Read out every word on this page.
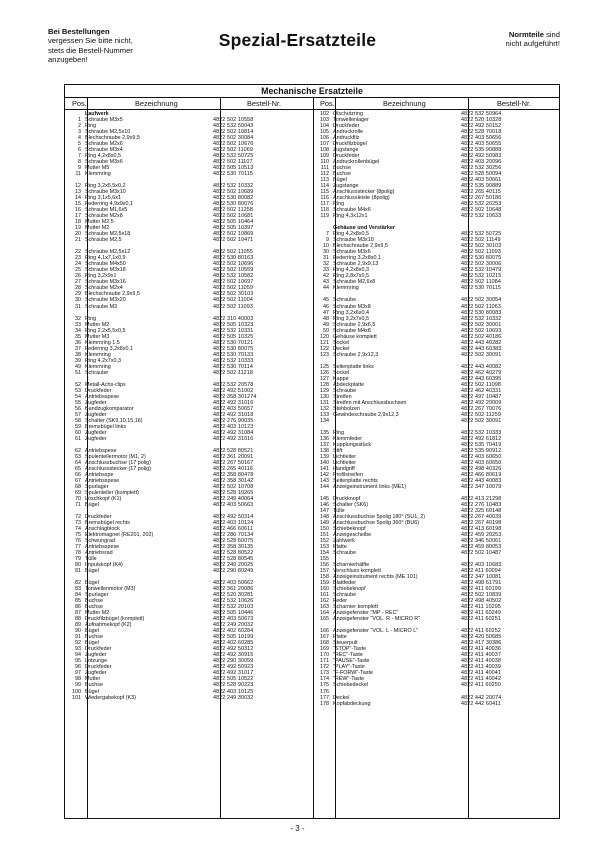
Bei Bestellungen
vergessen Sie bitte nicht,
stets die Bestell-Nummer
anzugeben!
Spezial-Ersatzteile	Normteile sind
nicht aufgeführt!
Mechanische Ersatzteile
Pos.	Bezeichnung	Bestell-Nr.	Pos.	Bezeichnung	Bestell-Nr.
Laufwerk
1 Schraube M3x5	4822 502 10558
2 Ring	4822 532 50043
3 Schraube M2,5x10	4822 502 10814
4 Blechschraube 2,9x9,5	4822 502 30084
5 Schraube M2x6	4822 502 10676
6 Schraube M3x4	4822 502 11069
7 Ring 4,2x8x0,5	4822 532 50725
8 Schraube M3x6	4822 502 11107
9 Mutter M5	4822 505 10513
11 Klemmring	4822 530 70115
12 Ring 3,2x5,5x0,2	4822 532 10332
13 Schraube M3x10	4822 502 10689
14 Ring 3,1x5,6x1	4822 530 80082
15 Federring 4,9x9x0,1	4822 530 80076
16 Schraube M1,6x5	4822 502 11258
17 Schraube M2x8	4822 502 10681
18 Mutter M2,5	4822 505 10464
19 Mutter M2	4822 505 10397
20 Schraube M2,5x18	4822 502 10869
21 Schraube M2,5	4822 502 10471
22 Schraube M2,5x12	4822 502 11055
23 Ring 4,1x7,1x0,9	4822 530 80163
24 Schraube M4x50	4822 502 10696
25 Schraube M3x18	4822 502 10559
26 Ring 3,2x9x1	4822 532 10582
27 Schraube M3x16	4822 502 10697
28 Schraube M2x4	4822 502 11059
29 Blechschraube 2,9x9,5	4822 502 30103
30 Schraube M3x20	4822 502 11004
31 Schraube M3	4822 502 11093
32 Ring	4822 310 40003
33 Mutter M2	4822 505 10323
34 Ring 2,2x5,5x0,5	4822 532 10331
35 Mutter M3	4822 505 10325
36 Klemmring 1,5	4822 530 70121
37 Federring 3,2x8x0,1	4822 530 80075
38 Klemmring	4822 530 70133
39 Ring 4,2x7x0,3	4822 532 10333
49 Klemmring	4822 530 70114
51 Schraube	4822 502 11218
52 Metall-Achs-clips	4822 532 20578
53 Druckfeder	4822 492 51002
54 Antriebsspese	4822 358 301274
55 Zugfeder	4822 492 31016
56 Bandzugkomparator	4822 403 50657
57 Zugfeder	4822 492 31018
58 Schalter (SK9,10,15,16)	4822 276 90035
59 Bremsbügel links	4822 403 10123
60 Zugfeder	4822 492 31084
61 Zugfeder	4822 492 31016
62 Antriebspese	4822 528 80521
63 Spulentellermotor (M1, 2)	4822 361 20091
64 Anschlussbuchse (17 polig)	4822 267 50167
65 Anschlussstecker (17 polig)	4822 265 40116
66 Antriebsspe	4822 358 80478
67 Antriebsspese	4822 358 30142
68 Spurlager	4822 502 10708
69 Spulenteller (komplett)	4822 528 10265
70 Löschkopf (K1)	4822 249 40064
71 Bügel	4822 403 50663
72 Druckfeder	4822 492 50314
73 Bremsbügel rechts	4822 403 10124
74 Anschlagblock	4822 466 60611
75 Elektromagnet (RE201, 202)	4822 280 70134
76 Schwungrad	4822 528 60075
77 Antriebsspese	4822 358 30135
78 Antriebsrad	4822 528 80522
79 Tülle	4822 528 80545
80 Impulskopf (K4)	4822 249 20025
81 Bügel	4822 290 80249
82 Bügel	4822 403 50662
83 Tonwellenmotor (M3)	4822 361 20086
84 Spurlager	4822 520 30281
85 Buchse	4822 532 10626
86 Buchse	4822 532 20103
87 Mutter M2	4822 505 10446
88 Druckfilzbügel (komplett)	4822 403 50673
89 Aufnahmekopf (K2)	4822 249 20032
90 Bügel	4822 402 60284
91 Buchse	4822 505 10199
92 Bügel	4822 402 60285
93 Druckfeder	4822 492 50312
94 Zugfeder	4822 492 30915
95 Lötzunge	4822 290 30059
96 Druckfeder	4822 492 50923
97 Zugfeder	4822 492 31017
98 Mutter	4822 505 10522
99 Buchse	4822 528 90223
100 Bügel	4822 403 10125
101 Wiedergabekopf (K3)	4822 249 30032
102 Ölschutzring	4822 532 50964
103 Tonwellenlager	4822 520 10328
104 Druckfeder	4822 492 50152
105 Andruckrolle	4822 528 70018
106 Andruckfilz	4822 403 50656
107 Druckfilzbügel	4822 403 50655
108 Zugstange	4822 535 90888
109 Druckfeder	4822 492 50983
110 Andruckrollenbügel	4822 403 20096
111 Buchse	4822 532 30256
112 Buchse	4822 528 50094
113 Bügel	4822 403 50661
114 Zugstange	4822 535 90889
115 Anschlussstecker (8polig)	4822 265 40115
116 Anschlussleiste (8polig)	4822 267 50186
117 Ring	4822 532 20253
118 Schraube M4x6	4822 502 10648
119 Ring 4,3x12x1	4822 532 10633
Gehäuse und Verstärker
7 Ring 4,2x8x0,5	4822 532 50725
9 Schraube M3x10	4822 502 11149
10 Blechschraube 2,9x9,5	4822 502 30103
30 Schraube M3x6	4822 502 11093
31 Federring 3,2x8x0,1	4822 530 80075
32 Schraube 2,9x9,13	4822 502 30006
33 Ring 4,2x8x0,3	4822 532 10479
42 Ring 2,8x7x0,5	4822 532 10215
43 Schraube M2,6x8	4822 502 11084
44 Klemmring	4822 530 70115
45 Schraube	4822 502 30054
46 Schraube M3x8	4822 502 11063
47 Ring 3,2x6x0,4	4822 530 80083
48 Ring 3,2x7x0,5	4822 532 10332
49 Schraube 2,9x6,5	4822 502 30001
50 Schraube M4x8	4822 502 10693
120 Gehäuse komplett	4822 502 40186
121 Sockel	4822 443 40282
122 Deckel	4822 443 60383
123 Schraube 2,9x12,3	4822 502 30091
125 Seitenplatte links	4822 443 40082
126 Sockel	4822 462 40279
127 Kappe	4822 443 60395
128 Abdeckplatte	4822 502 11098
129 Schraube	4822 462 40331
130 Streifen	4822 497 10487
131 Streifen mit Anschlussbuchsen	4822 492 20009
132 Stehbolzen	4822 267 70076
133 Gewindeschraube 2,9x12,3	4822 502 11259
134	4822 502 30091
135 Ring	4822 532 10333
136 Klemmfeder	4822 492 61812
137 Kupplungsstück	4822 535 70419
138 Stift	4822 535 90912
139 Lichtleiter	4822 403 60650
140 Lichtleiter	4822 403 60650
141 Handgriff	4822 498 40326
142 Profilstreifen	4822 466 80619
143 Seitenplatte rechts	4822 443 40083
144 Anzeigeinstrument links (ME1)	4822 347 10079
145 Druckknopf	4822 413 21298
146 Schalter (SK6)	4822 276 10483
147 Tülle	4822 325 60148
148 Anschlussbuchse 5polig 180° (SU1, 2)	4822 267 40039
149 Anschlussbuchse 5polig 360° (BU6)	4822 267 40198
150 Schiebeknopf	4822 413 60198
151 Anzeigescheibe	4822 459 20253
152 Zahlwerk	4822 346 50061
153 Platte	4822 459 80053
154 Schraube	4822 502 10487
155
156 Scharnierhälfte	4822 403 10683
157 Verschluss komplett	4822 411 60094
158 Anzeigeinstrument rechts (ME 101)	4822 347 10081
159 Blattfeder	4822 498 61791
160 Schiebeknopf	4822 411 60199
161 Schraube	4822 502 10839
162 Feder	4822 498 40502
163 Scharnier komplett	4822 411 10295
164 Anzeigefenster "MP - REC"	4822 411 60249
165 Anzeigefenster "VOL. R - MICRO R"	4822 411 60251
166 Anzeigefenster "VOL. L - MICRO L"	4822 411 60252
167 Platte	4822 420 50685
168 Steuerpult	4822 417 30386
169 "STOP"-Taste	4822 411 40036
170 "REC"-Taste	4822 411 40037
171 "PAUSE"-Taste	4822 411 40038
172 "PLAY"-Taste	4822 411 40039
173 "F-FORW"-Taste	4822 411 40041
174 "REW"-Taste	4822 411 40042
175 Schiebedeckel	4822 411 60250
176
177 Deckel	4822 442 20074
178 Kopfabdeckung	4822 442 60411
- 3 -
